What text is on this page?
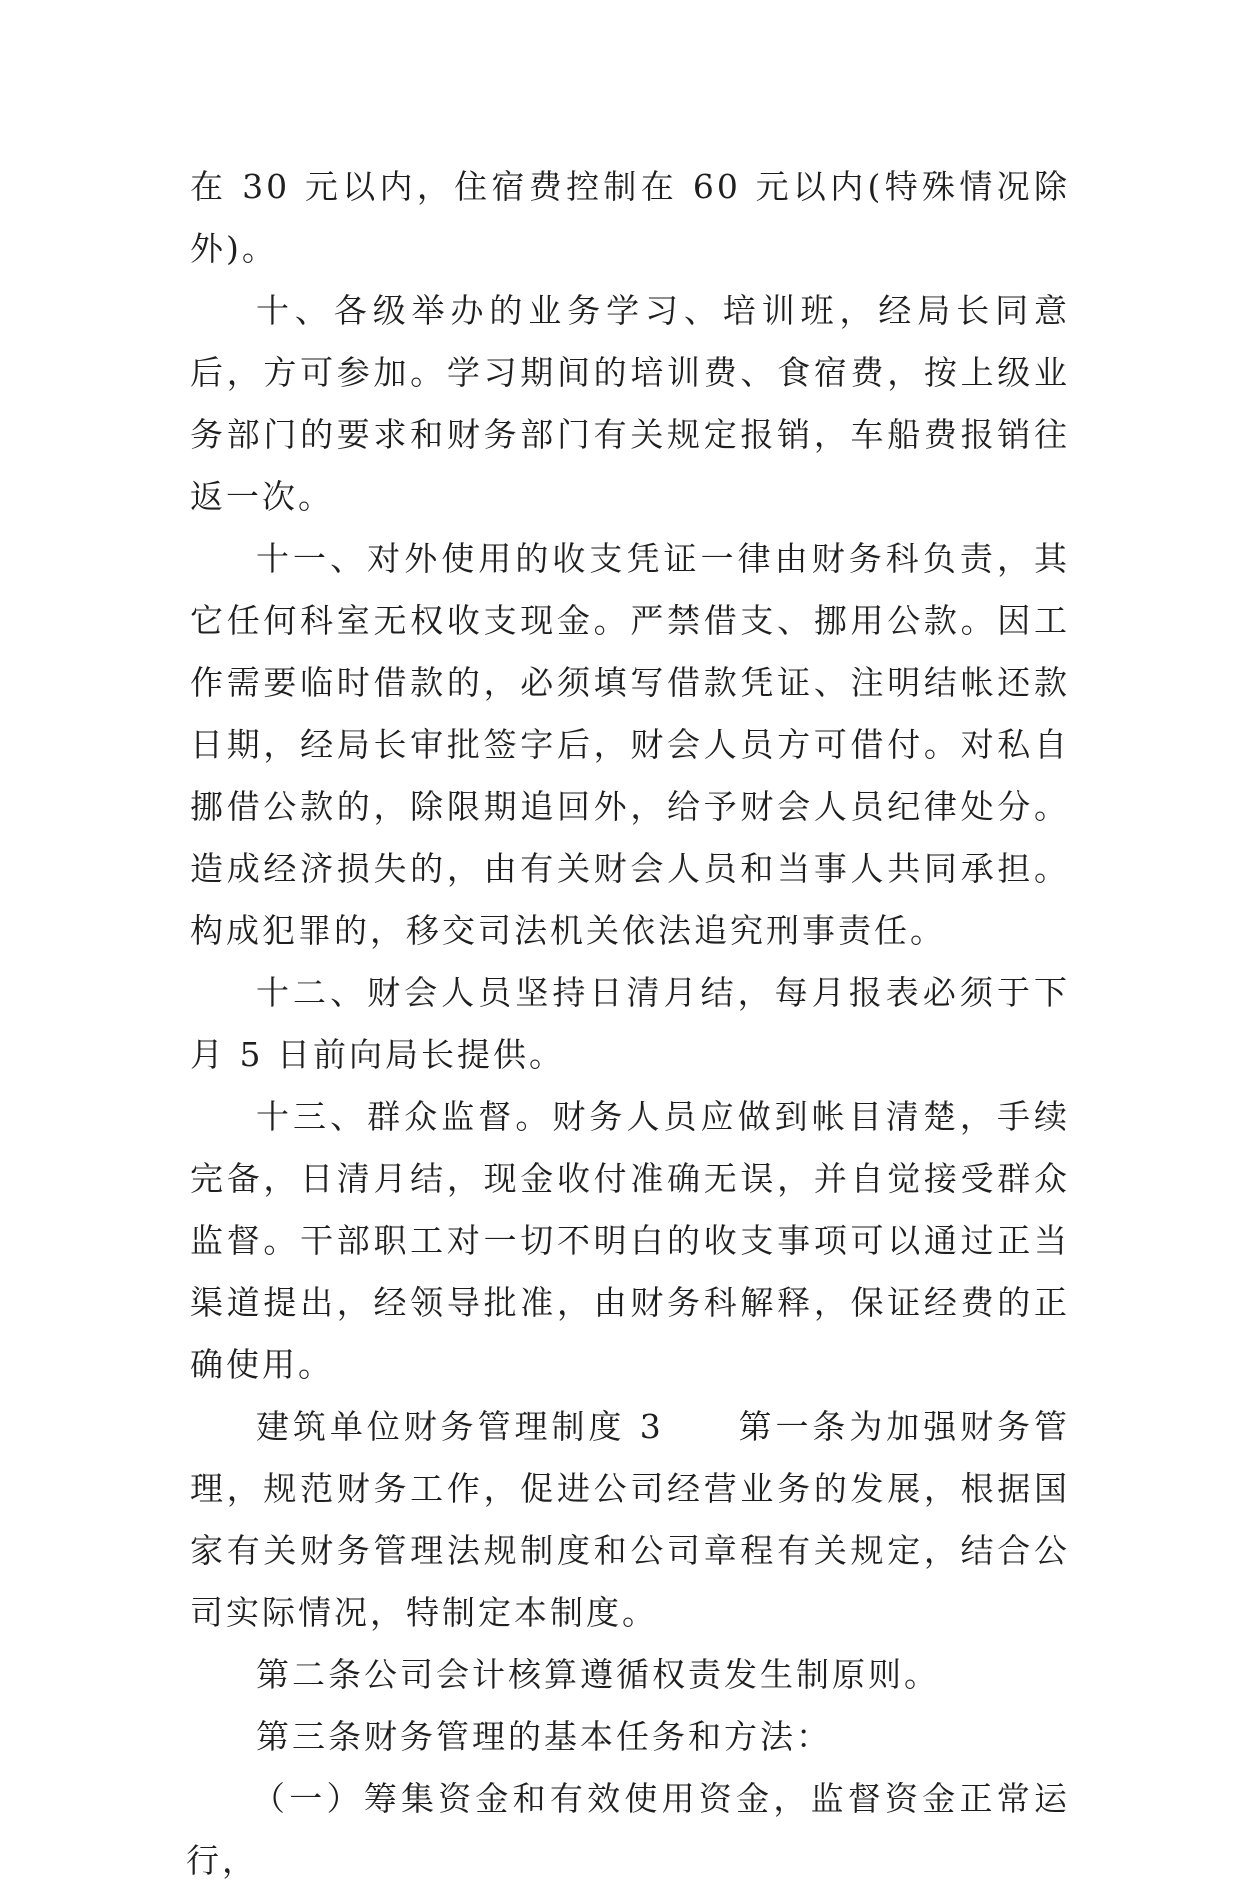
在 30 元以内，住宿费控制在 60 元以内(特殊情况除外)。

十、各级举办的业务学习、培训班，经局长同意后，方可参加。学习期间的培训费、食宿费，按上级业务部门的要求和财务部门有关规定报销，车船费报销往返一次。

十一、对外使用的收支凭证一律由财务科负责，其它任何科室无权收支现金。严禁借支、挪用公款。因工作需要临时借款的，必须填写借款凭证、注明结帐还款日期，经局长审批签字后，财会人员方可借付。对私自挪借公款的，除限期追回外，给予财会人员纪律处分。造成经济损失的，由有关财会人员和当事人共同承担。构成犯罪的，移交司法机关依法追究刑事责任。

十二、财会人员坚持日清月结，每月报表必须于下月 5 日前向局长提供。

十三、群众监督。财务人员应做到帐目清楚，手续完备，日清月结，现金收付准确无误，并自觉接受群众监督。干部职工对一切不明白的收支事项可以通过正当渠道提出，经领导批准，由财务科解释，保证经费的正确使用。

建筑单位财务管理制度 3　　第一条为加强财务管理，规范财务工作，促进公司经营业务的发展，根据国家有关财务管理法规制度和公司章程有关规定，结合公司实际情况，特制定本制度。

第二条公司会计核算遵循权责发生制原则。

第三条财务管理的基本任务和方法：

（一）筹集资金和有效使用资金，监督资金正常运行，
